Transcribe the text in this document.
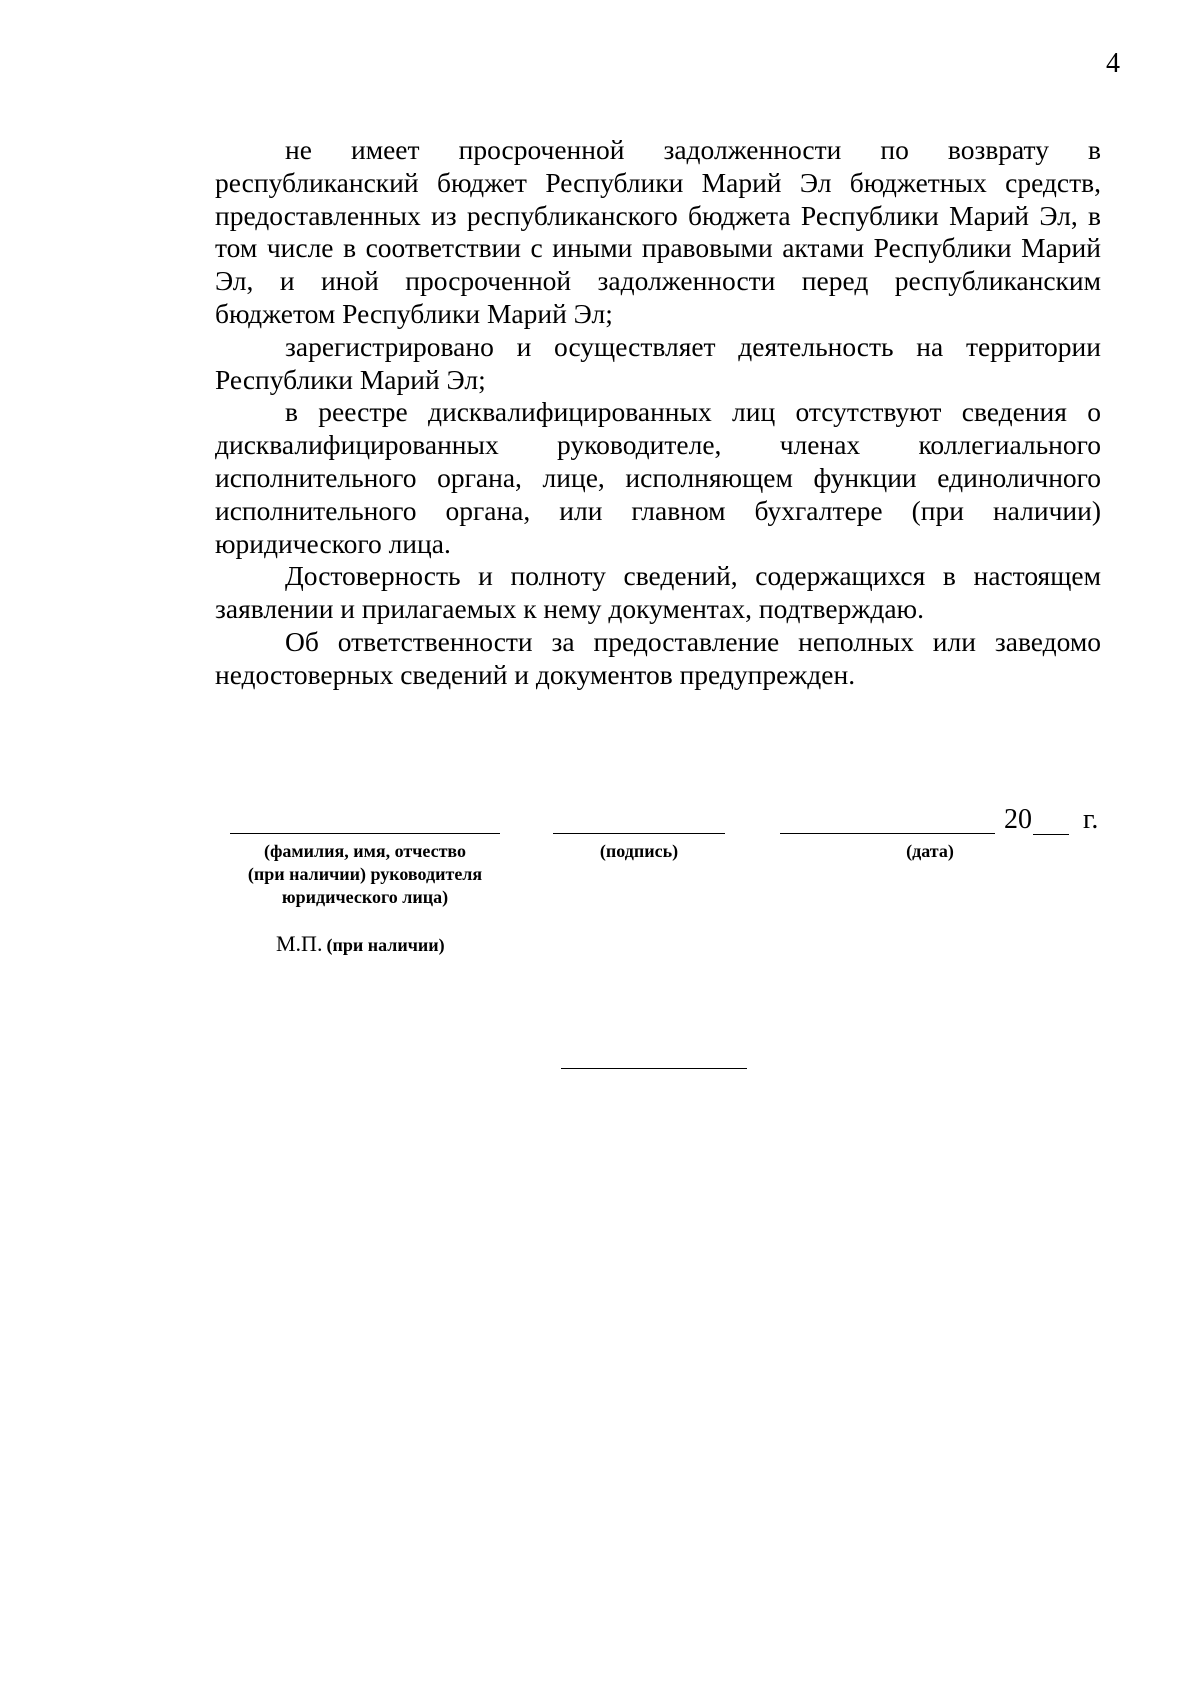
4

не имеет просроченной задолженности по возврату в республиканский бюджет Республики Марий Эл бюджетных средств, предоставленных из республиканского бюджета Республики Марий Эл, в том числе в соответствии с иными правовыми актами Республики Марий Эл, и иной просроченной задолженности перед республиканским бюджетом Республики Марий Эл;

зарегистрировано и осуществляет деятельность на территории Республики Марий Эл;

в реестре дисквалифицированных лиц отсутствуют сведения о дисквалифицированных руководителе, членах коллегиального исполнительного органа, лице, исполняющем функции единоличного исполнительного органа, или главном бухгалтере (при наличии) юридического лица.

Достоверность и полноту сведений, содержащихся в настоящем заявлении и прилагаемых к нему документах, подтверждаю.

Об ответственности за предоставление неполных или заведомо недостоверных сведений и документов предупрежден.

20 г.
(фамилия, имя, отчество
(при наличии) руководителя
юридического лица)
(подпись)	(дата)
М.П. (при наличии)
